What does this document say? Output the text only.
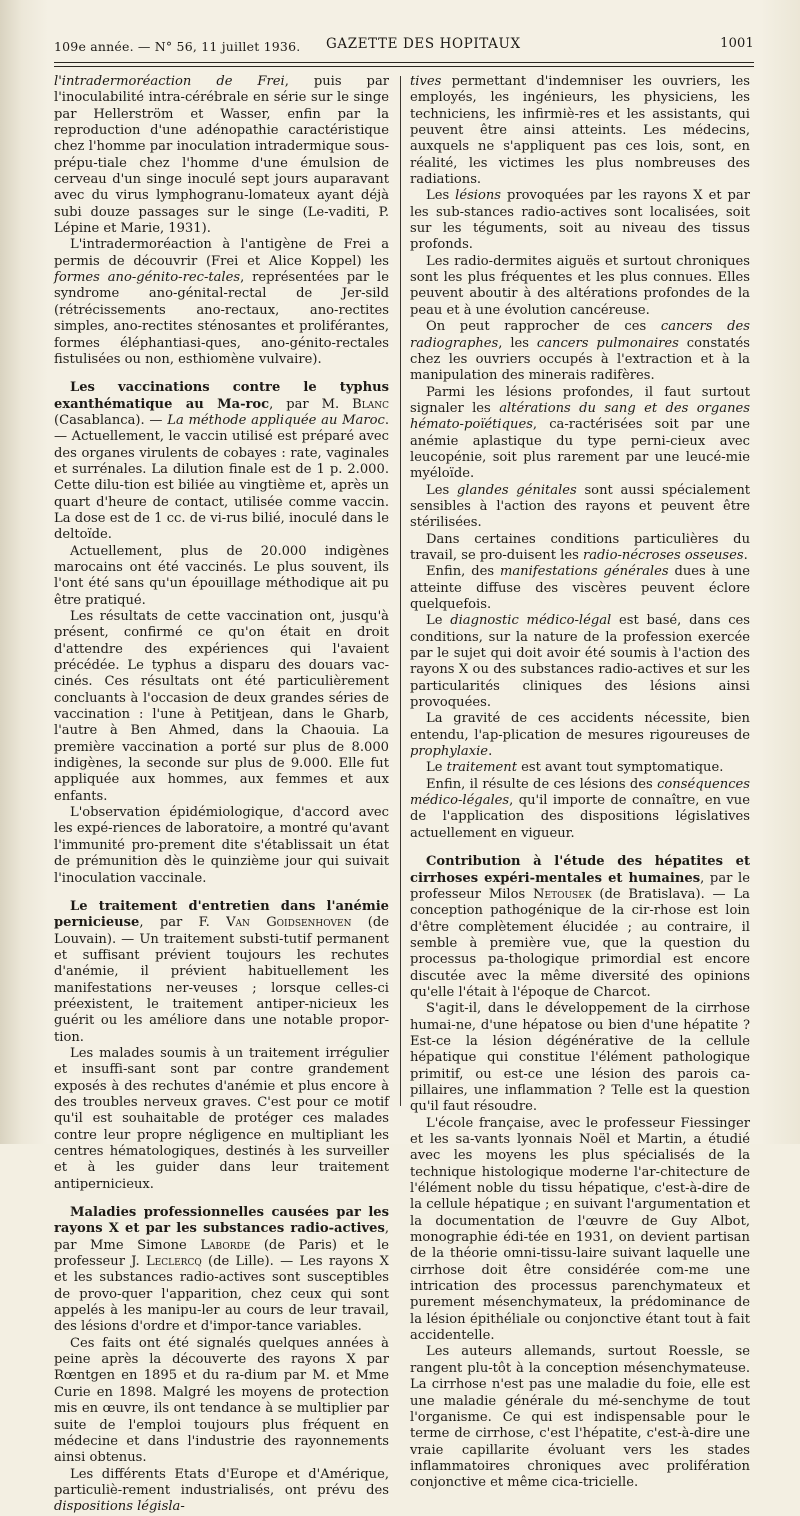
109e année. — N° 56, 11 juillet 1936. GAZETTE DES HOPITAUX	1001

l'intradermoréaction de Frei, puis par l'inoculabilité intra-cérébrale en série sur le singe par Hellerström et Wasser, enfin par la reproduction d'une adénopathie caractéristique chez l'homme par inoculation intradermique sous-prépu-tiale chez l'homme d'une émulsion de cerveau d'un singe inoculé sept jours auparavant avec du virus lymphogranu-lomateux ayant déjà subi douze passages sur le singe (Le-vaditi, P. Lépine et Marie, 1931).

L'intradermoréaction à l'antigène de Frei a permis de découvrir (Frei et Alice Koppel) les formes ano-génito-rec-tales, représentées par le syndrome ano-génital-rectal de Jer-sild (rétrécissements ano-rectaux, ano-rectites simples, ano-rectites sténosantes et proliférantes, formes éléphantiasi-ques, ano-génito-rectales fistulisées ou non, esthiomène vulvaire).

Les vaccinations contre le typhus exanthématique au Ma-roc, par M. Blanc (Casablanca). — La méthode appliquée au Maroc. — Actuellement, le vaccin utilisé est préparé avec des organes virulents de cobayes : rate, vaginales et surrénales. La dilution finale est de 1 p. 2.000. Cette dilu-tion est biliée au vingtième et, après un quart d'heure de contact, utilisée comme vaccin. La dose est de 1 cc. de vi-rus bilié, inoculé dans le deltoïde.

Actuellement, plus de 20.000 indigènes marocains ont été vaccinés. Le plus souvent, ils l'ont été sans qu'un épouillage méthodique ait pu être pratiqué.

Les résultats de cette vaccination ont, jusqu'à présent, confirmé ce qu'on était en droit d'attendre des expériences qui l'avaient précédée. Le typhus a disparu des douars vac-cinés. Ces résultats ont été particulièrement concluants à l'occasion de deux grandes séries de vaccination : l'une à Petitjean, dans le Gharb, l'autre à Ben Ahmed, dans la Chaouia. La première vaccination a porté sur plus de 8.000 indigènes, la seconde sur plus de 9.000. Elle fut appliquée aux hommes, aux femmes et aux enfants.

L'observation épidémiologique, d'accord avec les expé-riences de laboratoire, a montré qu'avant l'immunité pro-prement dite s'établissait un état de prémunition dès le quinzième jour qui suivait l'inoculation vaccinale.

Le traitement d'entretien dans l'anémie pernicieuse, par F. Van Goidsenhoven (de Louvain). — Un traitement substi-tutif permanent et suffisant prévient toujours les rechutes d'anémie, il prévient habituellement les manifestations ner-veuses ; lorsque celles-ci préexistent, le traitement antiper-nicieux les guérit ou les améliore dans une notable propor-tion.

Les malades soumis à un traitement irrégulier et insuffi-sant sont par contre grandement exposés à des rechutes d'anémie et plus encore à des troubles nerveux graves. C'est pour ce motif qu'il est souhaitable de protéger ces malades contre leur propre négligence en multipliant les centres hématologiques, destinés à les surveiller et à les guider dans leur traitement antipernicieux.

Maladies professionnelles causées par les rayons X et par les substances radio-actives, par Mme Simone Laborde (de Paris) et le professeur J. Leclercq (de Lille). — Les rayons X et les substances radio-actives sont susceptibles de provo-quer l'apparition, chez ceux qui sont appelés à les manipu-ler au cours de leur travail, des lésions d'ordre et d'impor-tance variables.

Ces faits ont été signalés quelques années à peine après la découverte des rayons X par Rœntgen en 1895 et du ra-dium par M. et Mme Curie en 1898. Malgré les moyens de protection mis en œuvre, ils ont tendance à se multiplier par suite de l'emploi toujours plus fréquent en médecine et dans l'industrie des rayonnements ainsi obtenus.

Les différents Etats d'Europe et d'Amérique, particuliè-rement industrialisés, ont prévu des dispositions législa-

tives permettant d'indemniser les ouvriers, les employés, les ingénieurs, les physiciens, les techniciens, les infirmiè-res et les assistants, qui peuvent être ainsi atteints. Les médecins, auxquels ne s'appliquent pas ces lois, sont, en réalité, les victimes les plus nombreuses des radiations.

Les lésions provoquées par les rayons X et par les sub-stances radio-actives sont localisées, soit sur les téguments, soit au niveau des tissus profonds.

Les radio-dermites aiguës et surtout chroniques sont les plus fréquentes et les plus connues. Elles peuvent aboutir à des altérations profondes de la peau et à une évolution cancéreuse.

On peut rapprocher de ces cancers des radiographes, les cancers pulmonaires constatés chez les ouvriers occupés à l'extraction et à la manipulation des minerais radifères.

Parmi les lésions profondes, il faut surtout signaler les altérations du sang et des organes hémato-poïétiques, ca-ractérisées soit par une anémie aplastique du type perni-cieux avec leucopénie, soit plus rarement par une leucé-mie myéloïde.

Les glandes génitales sont aussi spécialement sensibles à l'action des rayons et peuvent être stérilisées.

Dans certaines conditions particulières du travail, se pro-duisent les radio-nécroses osseuses.

Enfin, des manifestations générales dues à une atteinte diffuse des viscères peuvent éclore quelquefois.

Le diagnostic médico-légal est basé, dans ces conditions, sur la nature de la profession exercée par le sujet qui doit avoir été soumis à l'action des rayons X ou des substances radio-actives et sur les particularités cliniques des lésions ainsi provoquées.

La gravité de ces accidents nécessite, bien entendu, l'ap-plication de mesures rigoureuses de prophylaxie.

Le traitement est avant tout symptomatique.

Enfin, il résulte de ces lésions des conséquences médico-légales, qu'il importe de connaître, en vue de l'application des dispositions législatives actuellement en vigueur.

Contribution à l'étude des hépatites et cirrhoses expéri-mentales et humaines, par le professeur Milos Netousek (de Bratislava). — La conception pathogénique de la cir-rhose est loin d'être complètement élucidée ; au contraire, il semble à première vue, que la question du processus pa-thologique primordial est encore discutée avec la même diversité des opinions qu'elle l'était à l'époque de Charcot.

S'agit-il, dans le développement de la cirrhose humai-ne, d'une hépatose ou bien d'une hépatite ? Est-ce la lésion dégénérative de la cellule hépatique qui constitue l'élément pathologique primitif, ou est-ce une lésion des parois ca-pillaires, une inflammation ? Telle est la question qu'il faut résoudre.

L'école française, avec le professeur Fiessinger et les sa-vants lyonnais Noël et Martin, a étudié avec les moyens les plus spécialisés de la technique histologique moderne l'ar-chitecture de l'élément noble du tissu hépatique, c'est-à-dire de la cellule hépatique ; en suivant l'argumentation et la documentation de l'œuvre de Guy Albot, monographie édi-tée en 1931, on devient partisan de la théorie omni-tissu-laire suivant laquelle une cirrhose doit être considérée com-me une intrication des processus parenchymateux et purement mésenchymateux, la prédominance de la lésion épithéliale ou conjonctive étant tout à fait accidentelle.

Les auteurs allemands, surtout Roessle, se rangent plu-tôt à la conception mésenchymateuse. La cirrhose n'est pas une maladie du foie, elle est une maladie générale du mé-senchyme de tout l'organisme. Ce qui est indispensable pour le terme de cirrhose, c'est l'hépatite, c'est-à-dire une vraie capillarite évoluant vers les stades inflammatoires chroniques avec prolifération conjonctive et même cica-tricielle.
